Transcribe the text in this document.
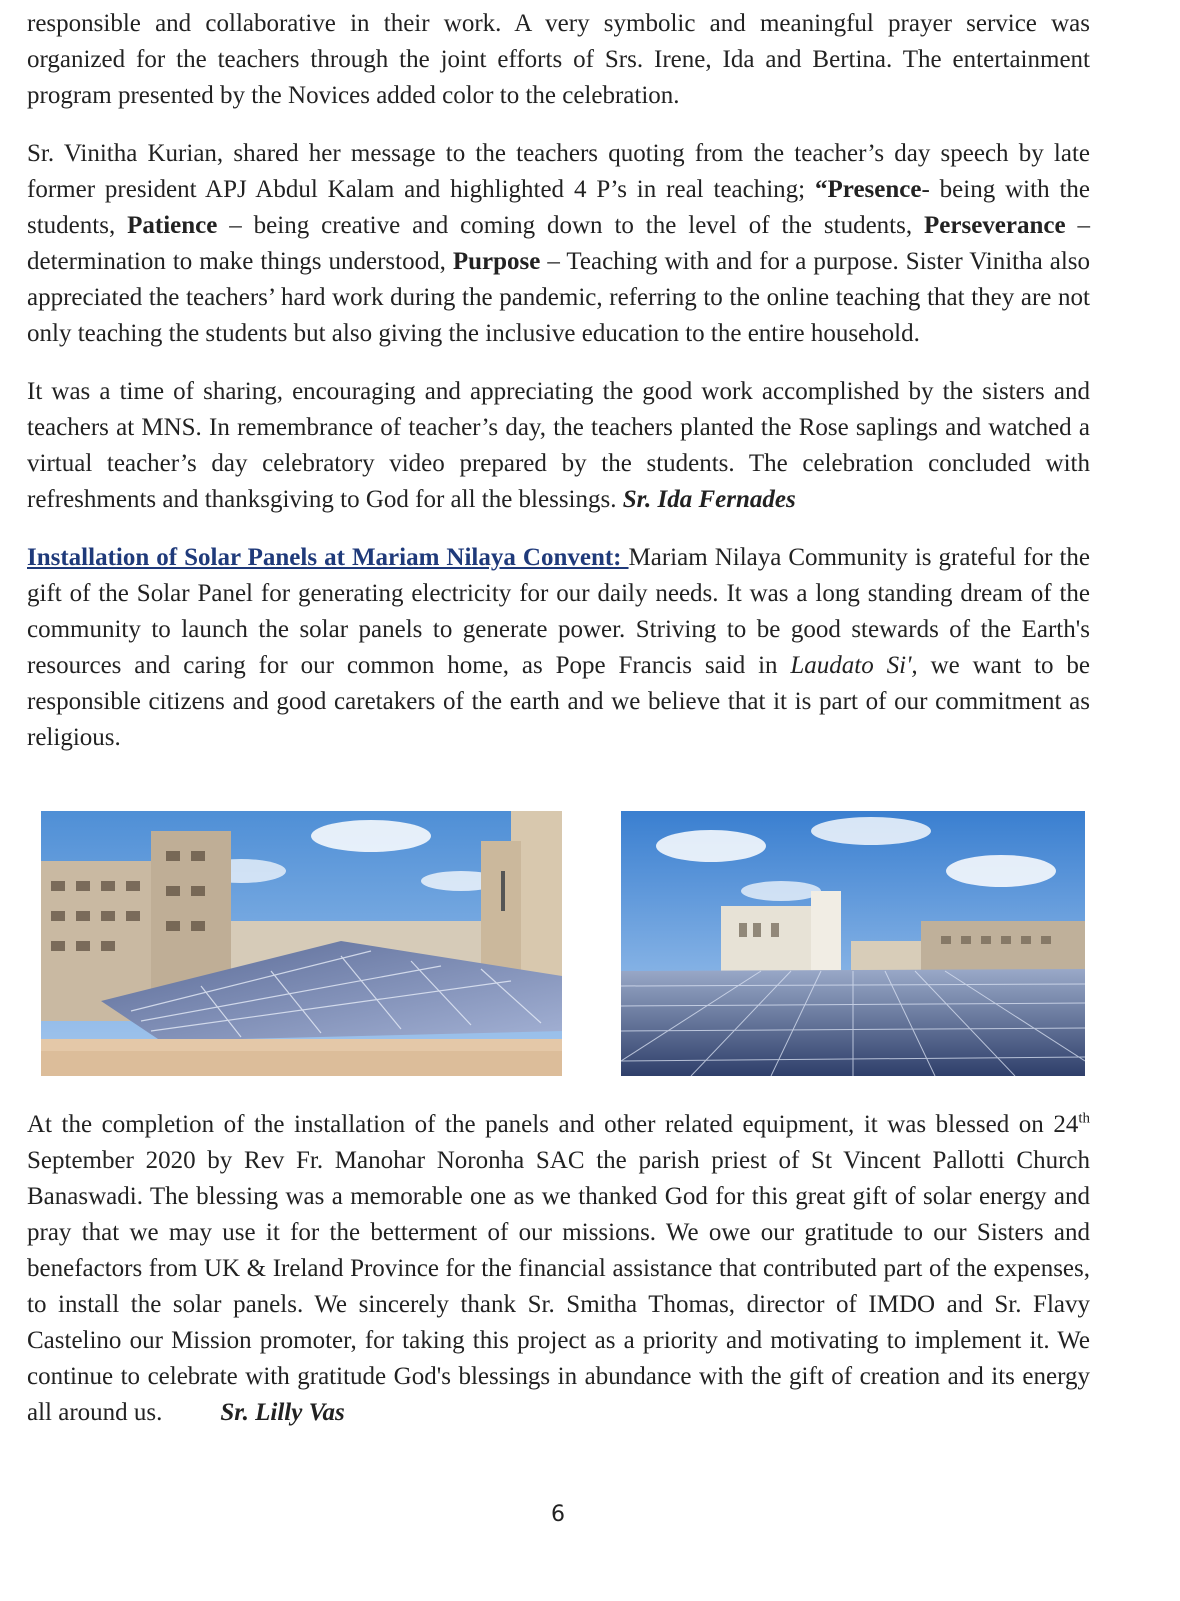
responsible and collaborative in their work. A very symbolic and meaningful prayer service was organized for the teachers through the joint efforts of Srs. Irene, Ida and Bertina. The entertainment program presented by the Novices added color to the celebration.

Sr. Vinitha Kurian, shared her message to the teachers quoting from the teacher’s day speech by late former president APJ Abdul Kalam and highlighted 4 P’s in real teaching; “Presence- being with the students, Patience – being creative and coming down to the level of the students, Perseverance – determination to make things understood, Purpose – Teaching with and for a purpose. Sister Vinitha also appreciated the teachers’ hard work during the pandemic, referring to the online teaching that they are not only teaching the students but also giving the inclusive education to the entire household.

It was a time of sharing, encouraging and appreciating the good work accomplished by the sisters and teachers at MNS. In remembrance of teacher’s day, the teachers planted the Rose saplings and watched a virtual teacher’s day celebratory video prepared by the students. The celebration concluded with refreshments and thanksgiving to God for all the blessings. Sr. Ida Fernades

Installation of Solar Panels at Mariam Nilaya Convent: Mariam Nilaya Community is grateful for the gift of the Solar Panel for generating electricity for our daily needs. It was a long standing dream of the community to launch the solar panels to generate power. Striving to be good stewards of the Earth's resources and caring for our common home, as Pope Francis said in Laudato Si', we want to be responsible citizens and good caretakers of the earth and we believe that it is part of our commitment as religious.

At the completion of the installation of the panels and other related equipment, it was blessed on 24th September 2020 by Rev Fr. Manohar Noronha SAC the parish priest of St Vincent Pallotti Church Banaswadi. The blessing was a memorable one as we thanked God for this great gift of solar energy and pray that we may use it for the betterment of our missions. We owe our gratitude to our Sisters and benefactors from UK & Ireland Province for the financial assistance that contributed part of the expenses, to install the solar panels. We sincerely thank Sr. Smitha Thomas, director of IMDO and Sr. Flavy Castelino our Mission promoter, for taking this project as a priority and motivating to implement it. We continue to celebrate with gratitude God's blessings in abundance with the gift of creation and its energy all around us. Sr. Lilly Vas

6
